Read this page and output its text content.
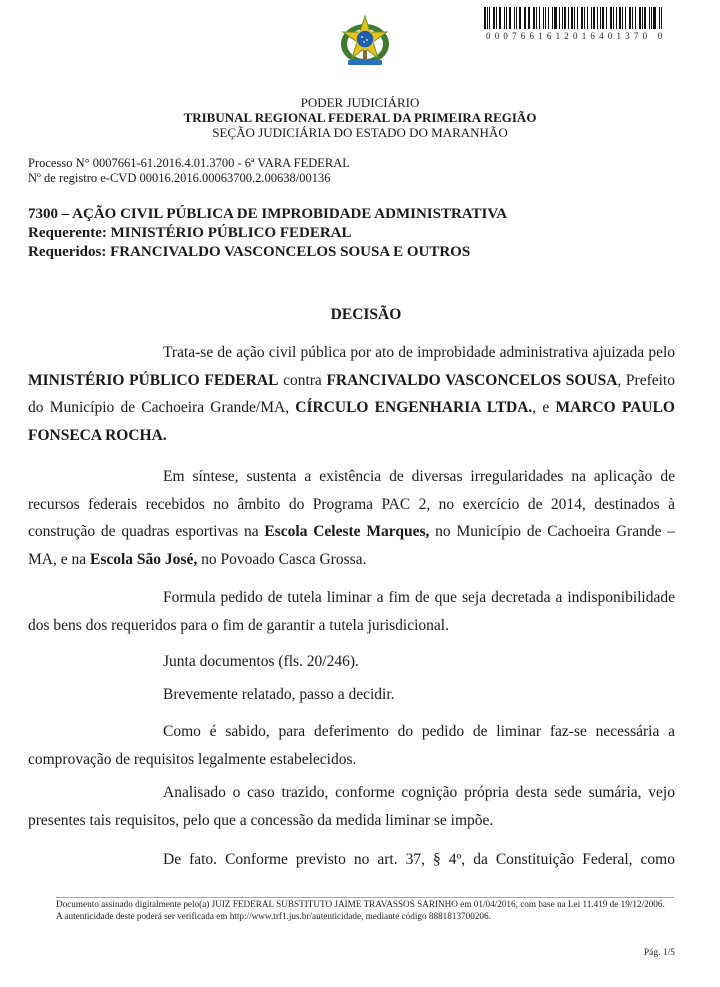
0007661612016401370 0
PODER JUDICIÁRIO
TRIBUNAL REGIONAL FEDERAL DA PRIMEIRA REGIÃO
SEÇÃO JUDICIÁRIA DO ESTADO DO MARANHÃO
Processo N° 0007661-61.2016.4.01.3700 - 6ª VARA FEDERAL
Nº de registro e-CVD 00016.2016.00063700.2.00638/00136
7300 – AÇÃO CIVIL PÚBLICA DE IMPROBIDADE ADMINISTRATIVA
Requerente: MINISTÉRIO PÚBLICO FEDERAL
Requeridos: FRANCIVALDO VASCONCELOS SOUSA E OUTROS
DECISÃO
Trata-se de ação civil pública por ato de improbidade administrativa ajuizada pelo MINISTÉRIO PÚBLICO FEDERAL contra FRANCIVALDO VASCONCELOS SOUSA, Prefeito do Município de Cachoeira Grande/MA, CÍRCULO ENGENHARIA LTDA., e MARCO PAULO FONSECA ROCHA.
Em síntese, sustenta a existência de diversas irregularidades na aplicação de recursos federais recebidos no âmbito do Programa PAC 2, no exercício de 2014, destinados à construção de quadras esportivas na Escola Celeste Marques, no Município de Cachoeira Grande – MA, e na Escola São José, no Povoado Casca Grossa.
Formula pedido de tutela liminar a fim de que seja decretada a indisponibilidade dos bens dos requeridos para o fim de garantir a tutela jurisdicional.
Junta documentos (fls. 20/246).
Brevemente relatado, passo a decidir.
Como é sabido, para deferimento do pedido de liminar faz-se necessária a comprovação de requisitos legalmente estabelecidos.
Analisado o caso trazido, conforme cognição própria desta sede sumária, vejo presentes tais requisitos, pelo que a concessão da medida liminar se impõe.
De fato. Conforme previsto no art. 37, § 4º, da Constituição Federal, como
Documento assinado digitalmente pelo(a) JUIZ FEDERAL SUBSTITUTO JAIME TRAVASSOS SARINHO em 01/04/2016, com base na Lei 11.419 de 19/12/2006.
A autenticidade deste poderá ser verificada em http://www.trf1.jus.br/autenticidade, mediante código 8881813700206.
Pág. 1/5
